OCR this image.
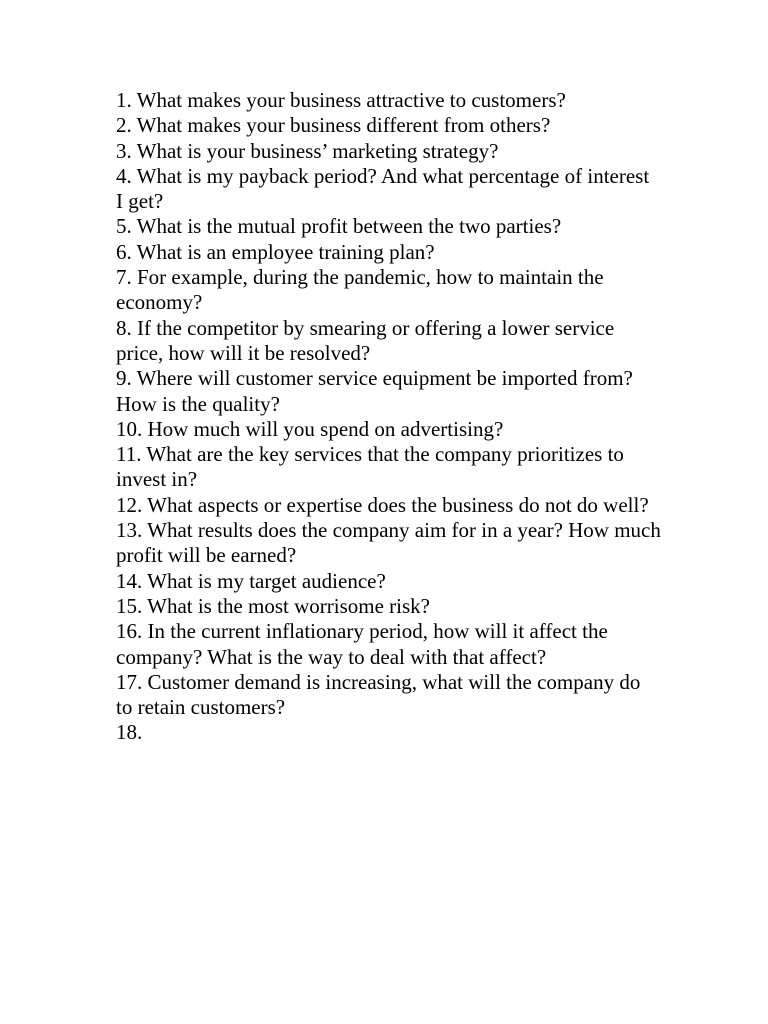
1. What makes your business attractive to customers?
2. What makes your business different from others?
3. What is your business’ marketing strategy?
4. What is my payback period? And what percentage of interest I get?
5. What is the mutual profit between the two parties?
6. What is an employee training plan?
7. For example, during the pandemic, how to maintain the economy?
8. If the competitor by smearing or offering a lower service price, how will it be resolved?
9. Where will customer service equipment be imported from? How is the quality?
10. How much will you spend on advertising?
11. What are the key services that the company prioritizes to invest in?
12. What aspects or expertise does the business do not do well?
13. What results does the company aim for in a year? How much profit will be earned?
14. What is my target audience?
15. What is the most worrisome risk?
16. In the current inflationary period, how will it affect the company? What is the way to deal with that affect?
17. Customer demand is increasing, what will the company do to retain customers?
18.
